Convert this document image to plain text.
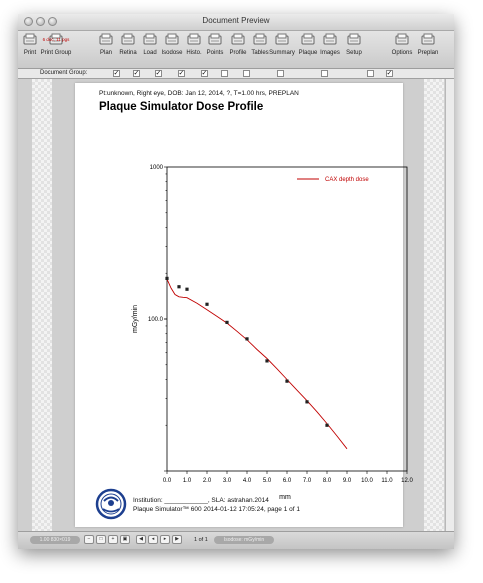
Document Preview
Print
6 doc, 11 pgs
Print Group	Plan	Retina	Load Isodose Histo. Points	Profile Tables Summary Plaque Images	Setup	Options Preplan
Document Group:	✓ ✓ ✓ ✓ ✓	✓
Pt:unknown, Right eye, DOB: Jan 12, 2014, ?, T=1.00 hrs, PREPLAN
Plaque Simulator Dose Profile
0.0 1.0 2.0 3.0 4.0 5.0 6.0 7.0 8.0 9.0 10.0 11.0 12.0
100.0
1000
mGy/min
mm
CAX depth dose
Institution: ____________, SLA: astrahan.2014
Plaque Simulator™ 600 2014-01-12 17:05:24, page 1 of 1
1.00 830×019	−	□	+	▣	◀	◂	▸	▶	1 of 1	Isodose: mGy/min
